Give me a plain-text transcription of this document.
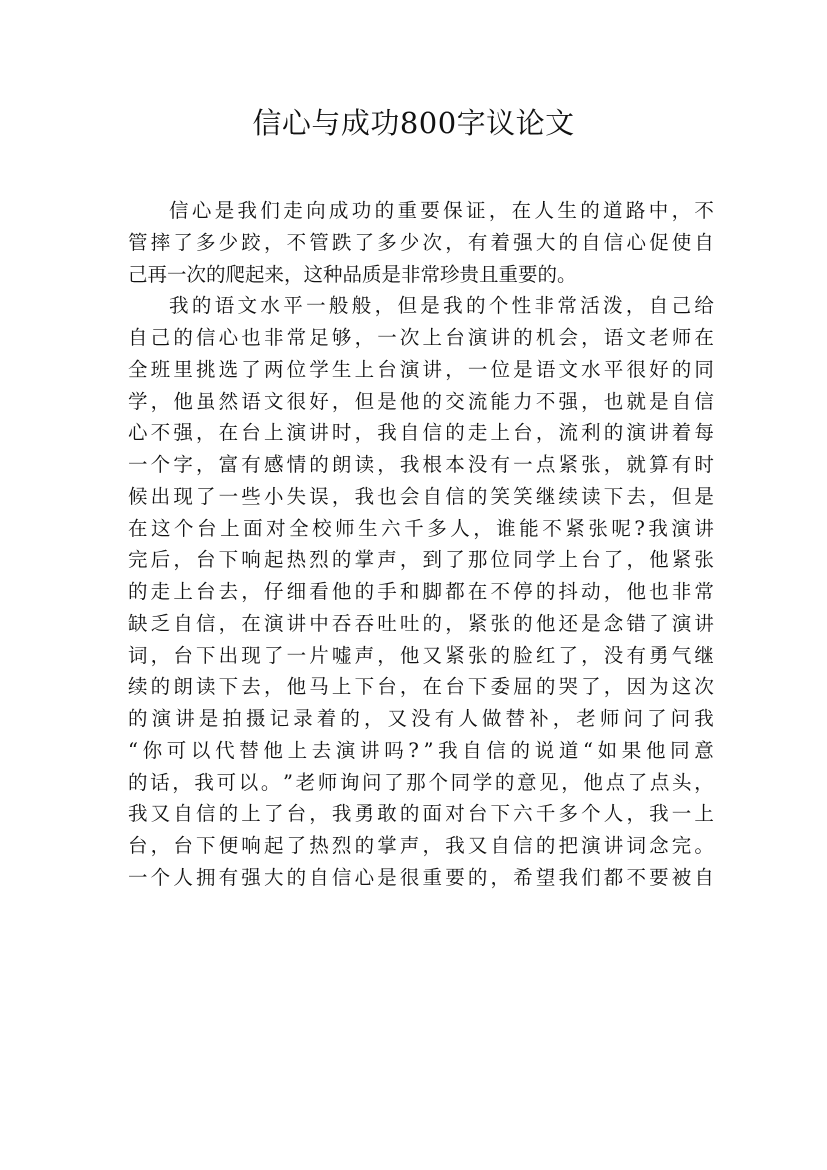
信心与成功800字议论文
信 心 是 我 们 走 向 成 功 的 重 要 保 证 ， 在 人 生 的 道 路 中 ， 不
管 摔 了 多 少 跤 ， 不 管 跌 了 多 少 次 ， 有 着 强 大 的 自 信 心 促 使 自
己再一次的爬起来，这种品质是非常珍贵且重要的。
我 的 语 文 水 平 一 般 般 ， 但 是 我 的 个 性 非 常 活 泼 ， 自 己 给
自 己 的 信 心 也 非 常 足 够 ， 一 次 上 台 演 讲 的 机 会 ， 语 文 老 师 在
全 班 里 挑 选 了 两 位 学 生 上 台 演 讲 ， 一 位 是 语 文 水 平 很 好 的 同
学 ， 他 虽 然 语 文 很 好 ， 但 是 他 的 交 流 能 力 不 强 ， 也 就 是 自 信
心 不 强 ， 在 台 上 演 讲 时 ， 我 自 信 的 走 上 台 ， 流 利 的 演 讲 着 每
一 个 字 ， 富 有 感 情 的 朗 读 ， 我 根 本 没 有 一 点 紧 张 ， 就 算 有 时
候 出 现 了 一 些 小 失 误 ， 我 也 会 自 信 的 笑 笑 继 续 读 下 去 ， 但 是
在 这 个 台 上 面 对 全 校 师 生 六 千 多 人 ， 谁 能 不 紧 张 呢 ? 我 演 讲
完 后 ， 台 下 响 起 热 烈 的 掌 声 ， 到 了 那 位 同 学 上 台 了 ， 他 紧 张
的 走 上 台 去 ， 仔 细 看 他 的 手 和 脚 都 在 不 停 的 抖 动 ， 他 也 非 常
缺 乏 自 信 ， 在 演 讲 中 吞 吞 吐 吐 的 ， 紧 张 的 他 还 是 念 错 了 演 讲
词 ， 台 下 出 现 了 一 片 嘘 声 ， 他 又 紧 张 的 脸 红 了 ， 没 有 勇 气 继
续 的 朗 读 下 去 ， 他 马 上 下 台 ， 在 台 下 委 屈 的 哭 了 ， 因 为 这 次
的 演 讲 是 拍 摄 记 录 着 的 ， 又 没 有 人 做 替 补 ， 老 师 问 了 问 我
“ 你 可 以 代 替 他 上 去 演 讲 吗 ? ” 我 自 信 的 说 道 “ 如 果 他 同 意
的 话 ， 我 可 以 。 ” 老 师 询 问 了 那 个 同 学 的 意 见 ， 他 点 了 点 头 ，
我 又 自 信 的 上 了 台 ， 我 勇 敢 的 面 对 台 下 六 千 多 个 人 ， 我 一 上
台 ， 台 下 便 响 起 了 热 烈 的 掌 声 ， 我 又 自 信 的 把 演 讲 词 念 完 。
一 个 人 拥 有 强 大 的 自 信 心 是 很 重 要 的 ， 希 望 我 们 都 不 要 被 自
